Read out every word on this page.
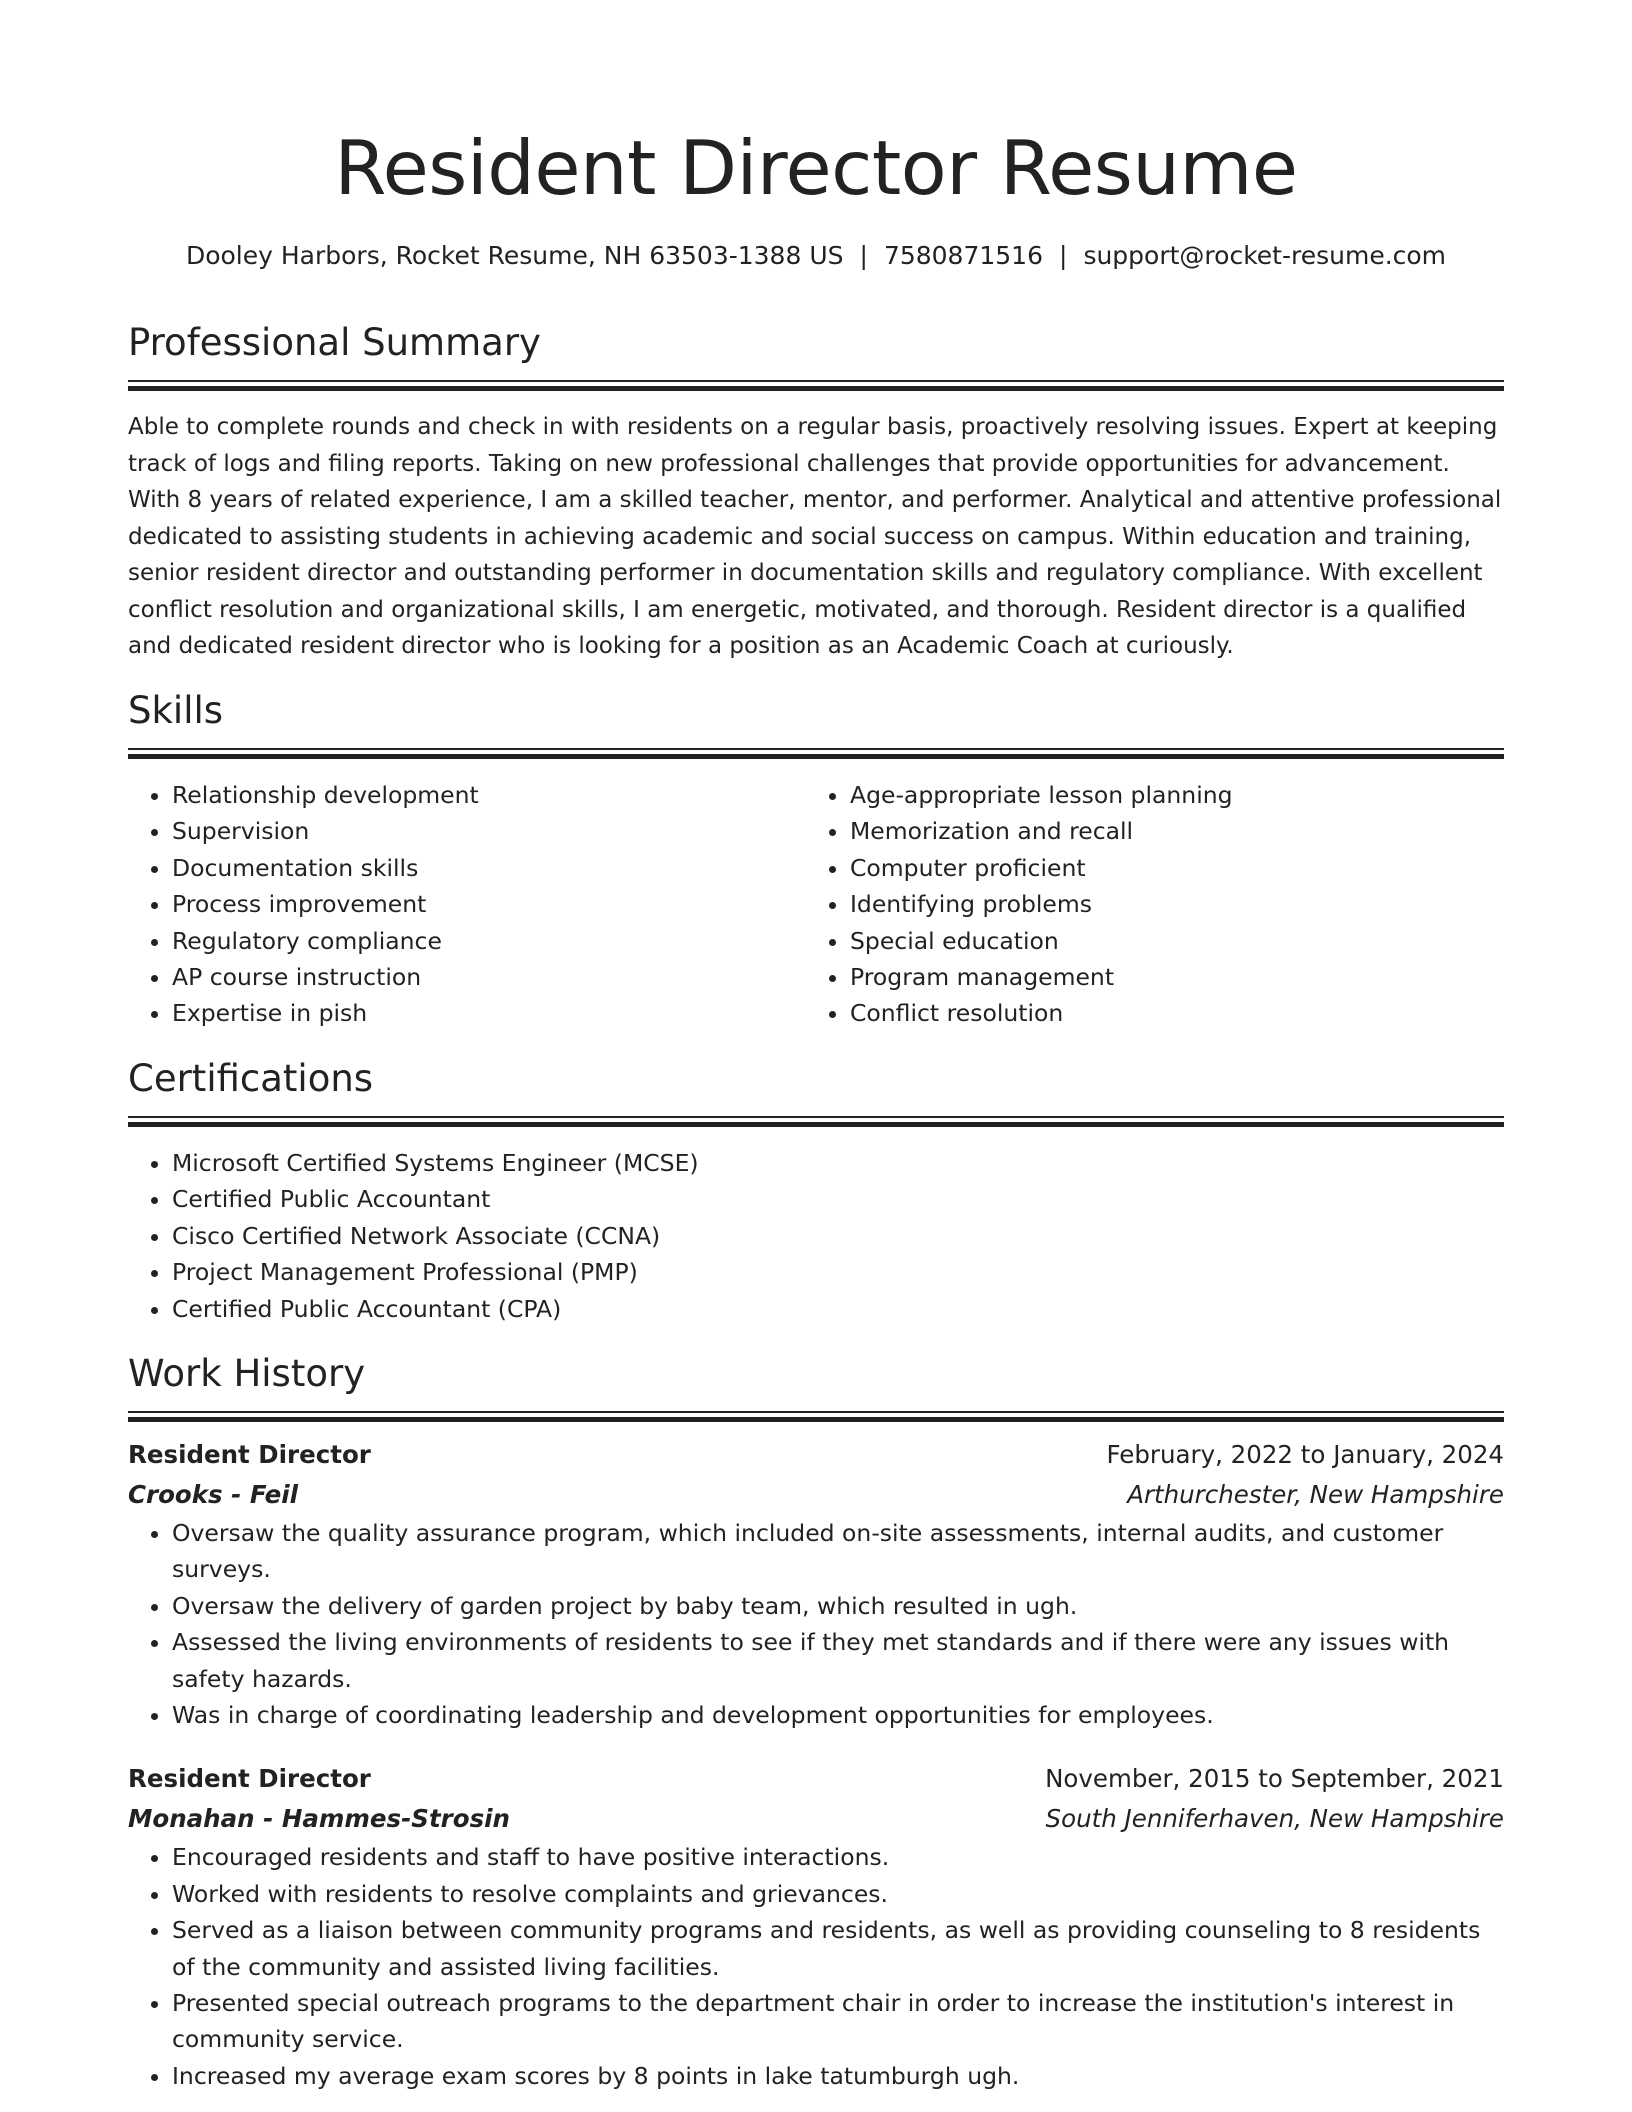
Resident Director Resume
Dooley Harbors, Rocket Resume, NH 63503-1388 US | 7580871516 | support@rocket-resume.com
Professional Summary
Able to complete rounds and check in with residents on a regular basis, proactively resolving issues. Expert at keeping track of logs and filing reports. Taking on new professional challenges that provide opportunities for advancement. With 8 years of related experience, I am a skilled teacher, mentor, and performer. Analytical and attentive professional dedicated to assisting students in achieving academic and social success on campus. Within education and training, senior resident director and outstanding performer in documentation skills and regulatory compliance. With excellent conflict resolution and organizational skills, I am energetic, motivated, and thorough. Resident director is a qualified and dedicated resident director who is looking for a position as an Academic Coach at curiously.
Skills
• Relationship development
• Supervision
• Documentation skills
• Process improvement
• Regulatory compliance
• AP course instruction
• Expertise in pish
• Age-appropriate lesson planning
• Memorization and recall
• Computer proficient
• Identifying problems
• Special education
• Program management
• Conflict resolution
Certifications
• Microsoft Certified Systems Engineer (MCSE)
• Certified Public Accountant
• Cisco Certified Network Associate (CCNA)
• Project Management Professional (PMP)
• Certified Public Accountant (CPA)
Work History
Resident Director	February, 2022 to January, 2024
Crooks - Feil	Arthurchester, New Hampshire
• Oversaw the quality assurance program, which included on-site assessments, internal audits, and customer surveys.
• Oversaw the delivery of garden project by baby team, which resulted in ugh.
• Assessed the living environments of residents to see if they met standards and if there were any issues with safety hazards.
• Was in charge of coordinating leadership and development opportunities for employees.
Resident Director	November, 2015 to September, 2021
Monahan - Hammes-Strosin	South Jenniferhaven, New Hampshire
• Encouraged residents and staff to have positive interactions.
• Worked with residents to resolve complaints and grievances.
• Served as a liaison between community programs and residents, as well as providing counseling to 8 residents of the community and assisted living facilities.
• Presented special outreach programs to the department chair in order to increase the institution's interest in community service.
• Increased my average exam scores by 8 points in lake tatumburgh ugh.
